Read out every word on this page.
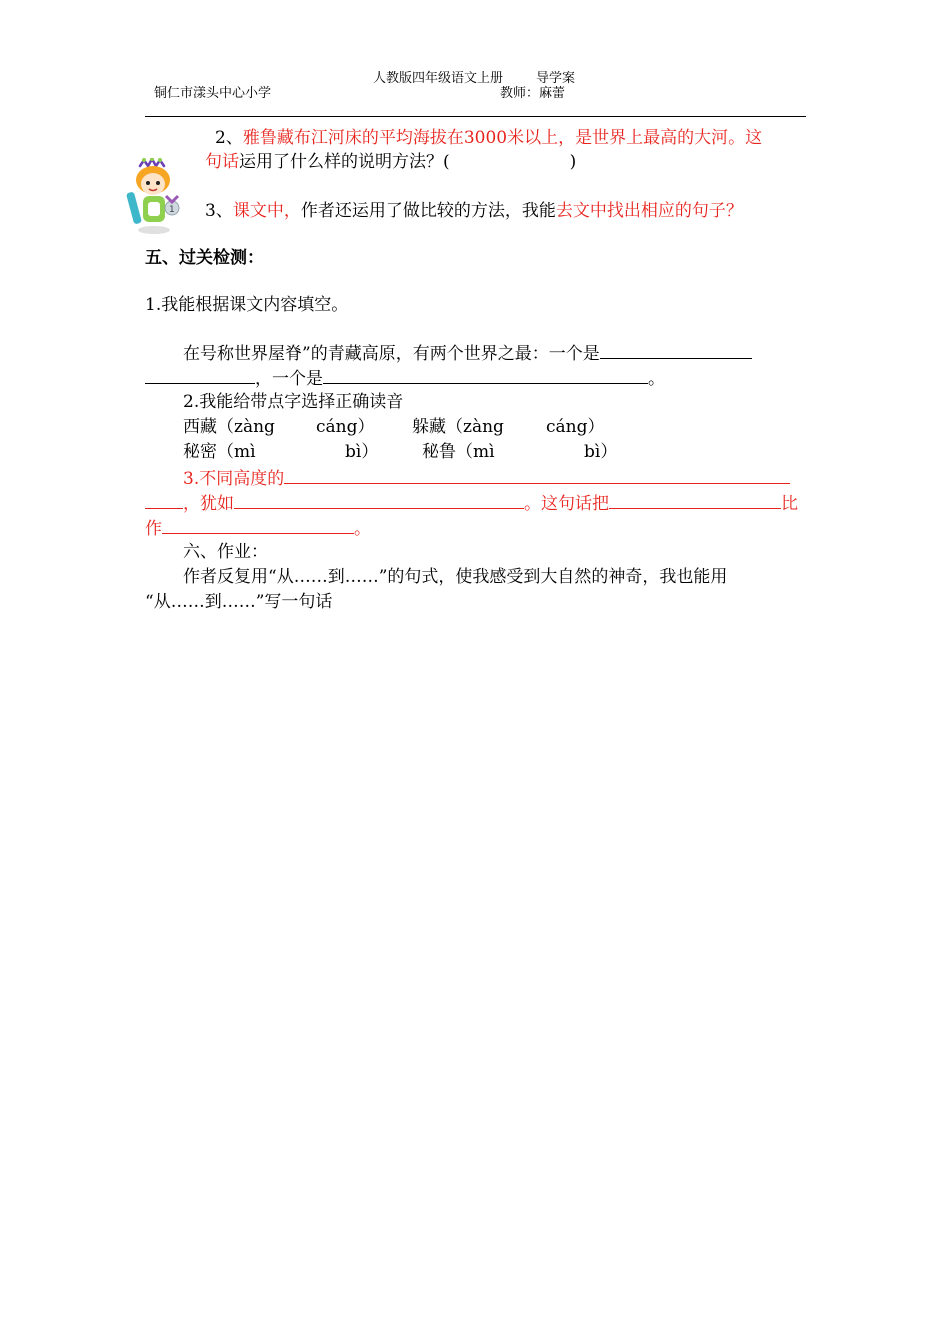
人教版四年级语文上册	导学案
铜仁市漾头中心小学	教师：麻蕾
1
2、雅鲁藏布江河床的平均海拔在3000米以上，是世界上最高的大河。这
句话运用了什么样的说明方法？(	)
3、课文中，作者还运用了做比较的方法，我能去文中找出相应的句子？
五、过关检测：
1.我能根据课文内容填空。
在号称世界屋脊”的青藏高原，有两个世界之最：一个是
，一个是	。
2.我能给带点字选择正确读音
西藏（zàng cáng） 躲藏（zàng cáng）
秘密（mì	bì）	秘鲁（mì	bì）
3.不同高度的
，犹如	。这句话把	比
作	。
六、作业：
作者反复用“从……到……”的句式，使我感受到大自然的神奇，我也能用
“从……到……”写一句话
